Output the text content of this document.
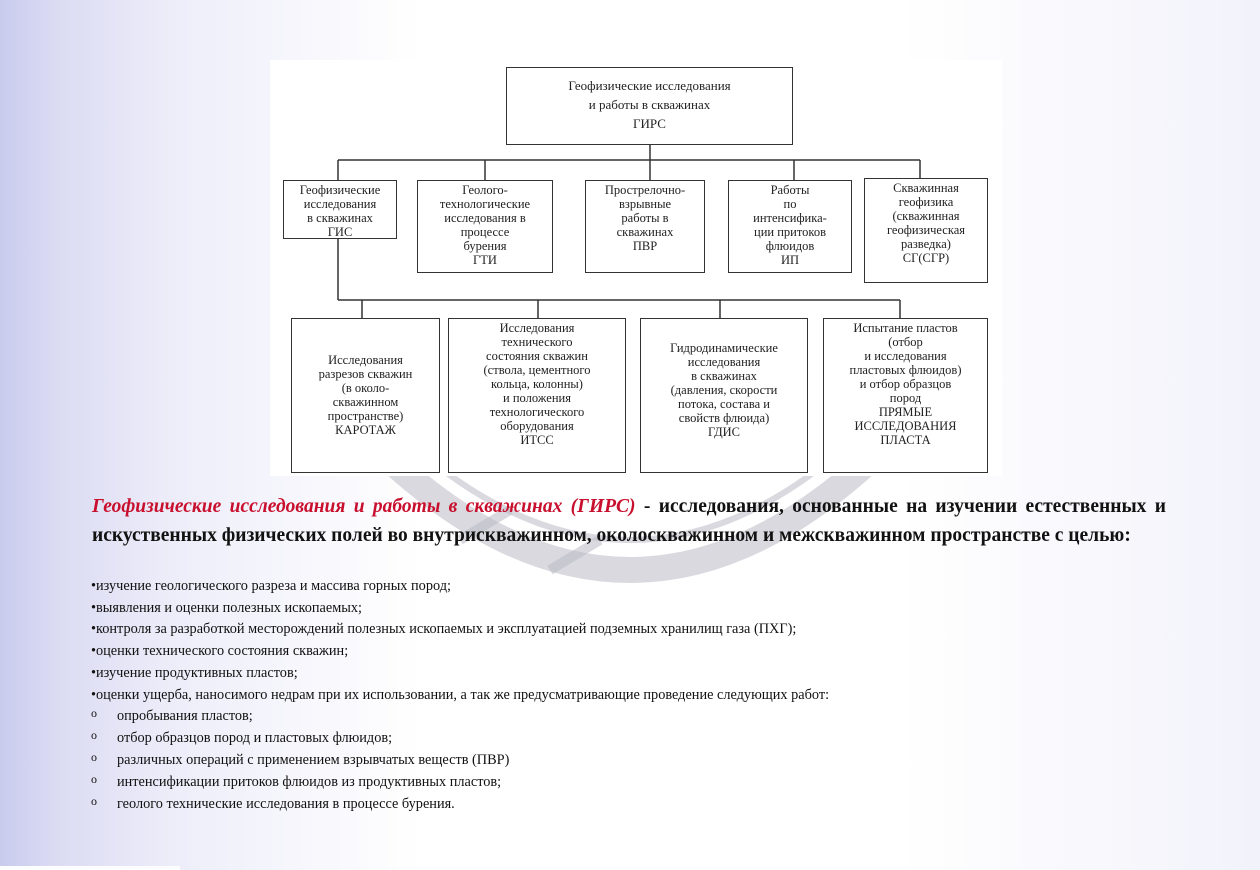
Геофизические исследования
и работы в скважинах
ГИРС
Геофизические
исследования
в скважинах
ГИС
Геолого-
технологические
исследования в
процессе
бурения
ГТИ
Прострелочно-
взрывные
работы в
скважинах
ПВР
Работы
по
интенсифика-
ции притоков
флюидов
ИП
Скважинная
геофизика
(скважинная
геофизическая
разведка)
СГ(СГР)
Исследования
разрезов скважин
(в около-
скважинном
пространстве)
КАРОТАЖ
Исследования
технического
состояния скважин
(ствола, цементного
кольца, колонны)
и положения
технологического
оборудования
ИТСС
Гидродинамические
исследования
в скважинах
(давления, скорости
потока, состава и
свойств флюида)
ГДИС
Испытание пластов
(отбор
и исследования
пластовых флюидов)
и отбор образцов
пород
ПРЯМЫЕ
ИССЛЕДОВАНИЯ
ПЛАСТА
Геофизические исследования и работы в скважинах (ГИРС) - исследования, основанные на изучении естественных и искуственных физических полей во внутрискважинном, околоскважинном и межскважинном пространстве с целью:
•изучение геологического разреза и массива горных пород;
•выявления и оценки полезных ископаемых;
•контроля за разработкой месторождений полезных ископаемых и эксплуатацией подземных хранилищ газа (ПХГ);
•оценки технического состояния скважин;
•изучение продуктивных пластов;
•оценки ущерба, наносимого недрам при их использовании, а так же предусматривающие проведение следующих работ:
o опробывания пластов;
o отбор образцов пород и пластовых флюидов;
o различных операций с применением взрывчатых веществ (ПВР)
o интенсификации притоков флюидов из продуктивных пластов;
o геолого технические исследования в процессе бурения.
